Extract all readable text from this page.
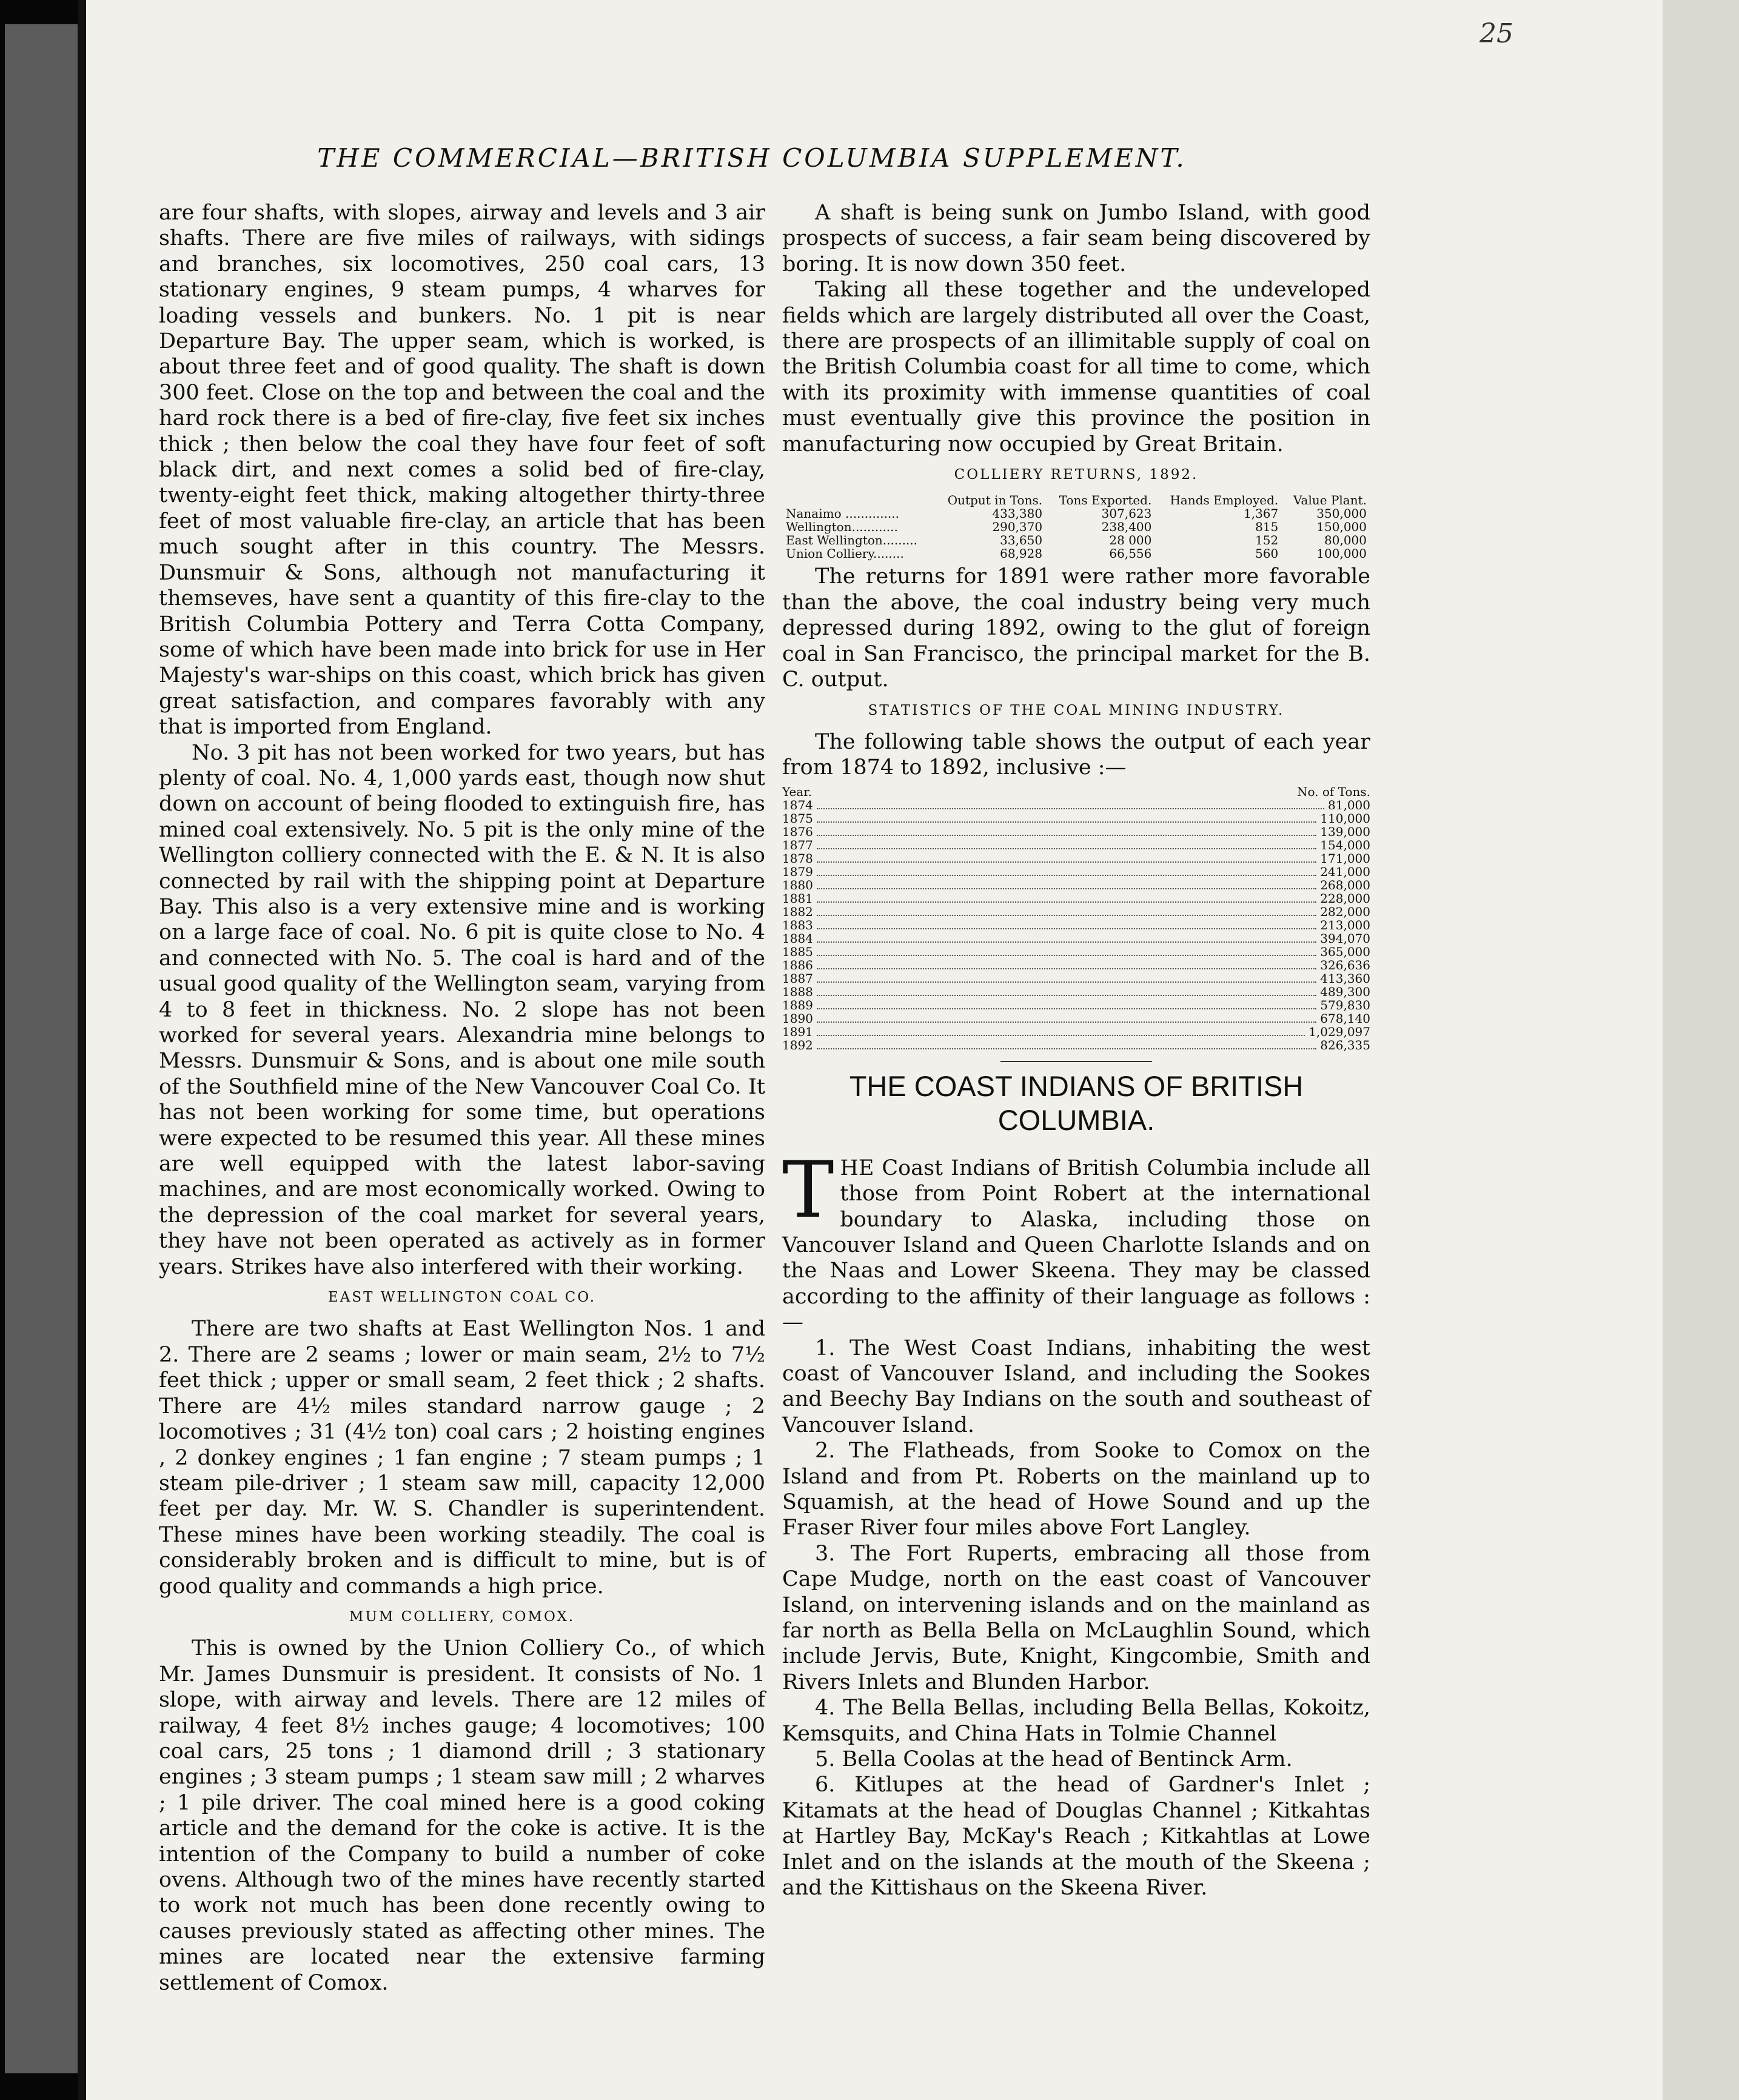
25
THE COMMERCIAL—BRITISH COLUMBIA SUPPLEMENT.

are four shafts, with slopes, airway and levels and 3 air shafts. There are five miles of railways, with sidings and branches, six locomotives, 250 coal cars, 13 stationary engines, 9 steam pumps, 4 wharves for loading vessels and bunkers. No. 1 pit is near Departure Bay. The upper seam, which is worked, is about three feet and of good quality. The shaft is down 300 feet. Close on the top and between the coal and the hard rock there is a bed of fire-clay, five feet six inches thick ; then below the coal they have four feet of soft black dirt, and next comes a solid bed of fire-clay, twenty-eight feet thick, making altogether thirty-three feet of most valuable fire-clay, an article that has been much sought after in this country. The Messrs. Dunsmuir & Sons, although not manufacturing it themseves, have sent a quantity of this fire-clay to the British Columbia Pottery and Terra Cotta Company, some of which have been made into brick for use in Her Majesty's war-ships on this coast, which brick has given great satisfaction, and compares favorably with any that is imported from England.

No. 3 pit has not been worked for two years, but has plenty of coal. No. 4, 1,000 yards east, though now shut down on account of being flooded to extinguish fire, has mined coal extensively. No. 5 pit is the only mine of the Wellington colliery connected with the E. & N. It is also connected by rail with the shipping point at Departure Bay. This also is a very extensive mine and is working on a large face of coal. No. 6 pit is quite close to No. 4 and connected with No. 5. The coal is hard and of the usual good quality of the Wellington seam, varying from 4 to 8 feet in thickness. No. 2 slope has not been worked for several years. Alexandria mine belongs to Messrs. Dunsmuir & Sons, and is about one mile south of the Southfield mine of the New Vancouver Coal Co. It has not been working for some time, but operations were expected to be resumed this year. All these mines are well equipped with the latest labor-saving machines, and are most economically worked. Owing to the depression of the coal market for several years, they have not been operated as actively as in former years. Strikes have also interfered with their working.

EAST WELLINGTON COAL CO.

There are two shafts at East Wellington Nos. 1 and 2. There are 2 seams ; lower or main seam, 2½ to 7½ feet thick ; upper or small seam, 2 feet thick ; 2 shafts. There are 4½ miles standard narrow gauge ; 2 locomotives ; 31 (4½ ton) coal cars ; 2 hoisting engines , 2 donkey engines ; 1 fan engine ; 7 steam pumps ; 1 steam pile-driver ; 1 steam saw mill, capacity 12,000 feet per day. Mr. W. S. Chandler is superintendent. These mines have been working steadily. The coal is considerably broken and is difficult to mine, but is of good quality and commands a high price.

MUM COLLIERY, COMOX.

This is owned by the Union Colliery Co., of which Mr. James Dunsmuir is president. It consists of No. 1 slope, with airway and levels. There are 12 miles of railway, 4 feet 8½ inches gauge; 4 locomotives; 100 coal cars, 25 tons ; 1 diamond drill ; 3 stationary engines ; 3 steam pumps ; 1 steam saw mill ; 2 wharves ; 1 pile driver. The coal mined here is a good coking article and the demand for the coke is active. It is the intention of the Company to build a number of coke ovens. Although two of the mines have recently started to work not much has been done recently owing to causes previously stated as affecting other mines. The mines are located near the extensive farming settlement of Comox.

A shaft is being sunk on Jumbo Island, with good prospects of success, a fair seam being discovered by boring. It is now down 350 feet.

Taking all these together and the undeveloped fields which are largely distributed all over the Coast, there are prospects of an illimitable supply of coal on the British Columbia coast for all time to come, which with its proximity with immense quantities of coal must eventually give this province the position in manufacturing now occupied by Great Britain.

COLLIERY RETURNS, 1892.
	Output in Tons.	Tons Exported.	Hands Employed.	Value Plant.
Nanaimo ..............	433,380	307,623	1,367	350,000
Wellington............	290,370	238,400	815	150,000
East Wellington.........	33,650	28 000	152	80,000
Union Colliery........	68,928	66,556	560	100,000

The returns for 1891 were rather more favorable than the above, the coal industry being very much depressed during 1892, owing to the glut of foreign coal in San Francisco, the principal market for the B. C. output.

STATISTICS OF THE COAL MINING INDUSTRY.

The following table shows the output of each year from 1874 to 1892, inclusive :—

Year.	No. of Tons.
1874	81,000
1875	110,000
1876	139,000
1877	154,000
1878	171,000
1879	241,000
1880	268,000
1881	228,000
1882	282,000
1883	213,000
1884	394,070
1885	365,000
1886	326,636
1887	413,360
1888	489,300
1889	579,830
1890	678,140
1891	1,029,097
1892	826,335
THE COAST INDIANS OF BRITISH COLUMBIA.

THE Coast Indians of British Columbia include all those from Point Robert at the international boundary to Alaska, including those on Vancouver Island and Queen Charlotte Islands and on the Naas and Lower Skeena. They may be classed according to the affinity of their language as follows :—

1. The West Coast Indians, inhabiting the west coast of Vancouver Island, and including the Sookes and Beechy Bay Indians on the south and southeast of Vancouver Island.

2. The Flatheads, from Sooke to Comox on the Island and from Pt. Roberts on the mainland up to Squamish, at the head of Howe Sound and up the Fraser River four miles above Fort Langley.

3. The Fort Ruperts, embracing all those from Cape Mudge, north on the east coast of Vancouver Island, on intervening islands and on the mainland as far north as Bella Bella on McLaughlin Sound, which include Jervis, Bute, Knight, Kingcombie, Smith and Rivers Inlets and Blunden Harbor.

4. The Bella Bellas, including Bella Bellas, Kokoitz, Kemsquits, and China Hats in Tolmie Channel

5. Bella Coolas at the head of Bentinck Arm.

6. Kitlupes at the head of Gardner's Inlet ; Kitamats at the head of Douglas Channel ; Kitkahtas at Hartley Bay, McKay's Reach ; Kitkahtlas at Lowe Inlet and on the islands at the mouth of the Skeena ; and the Kittishaus on the Skeena River.
